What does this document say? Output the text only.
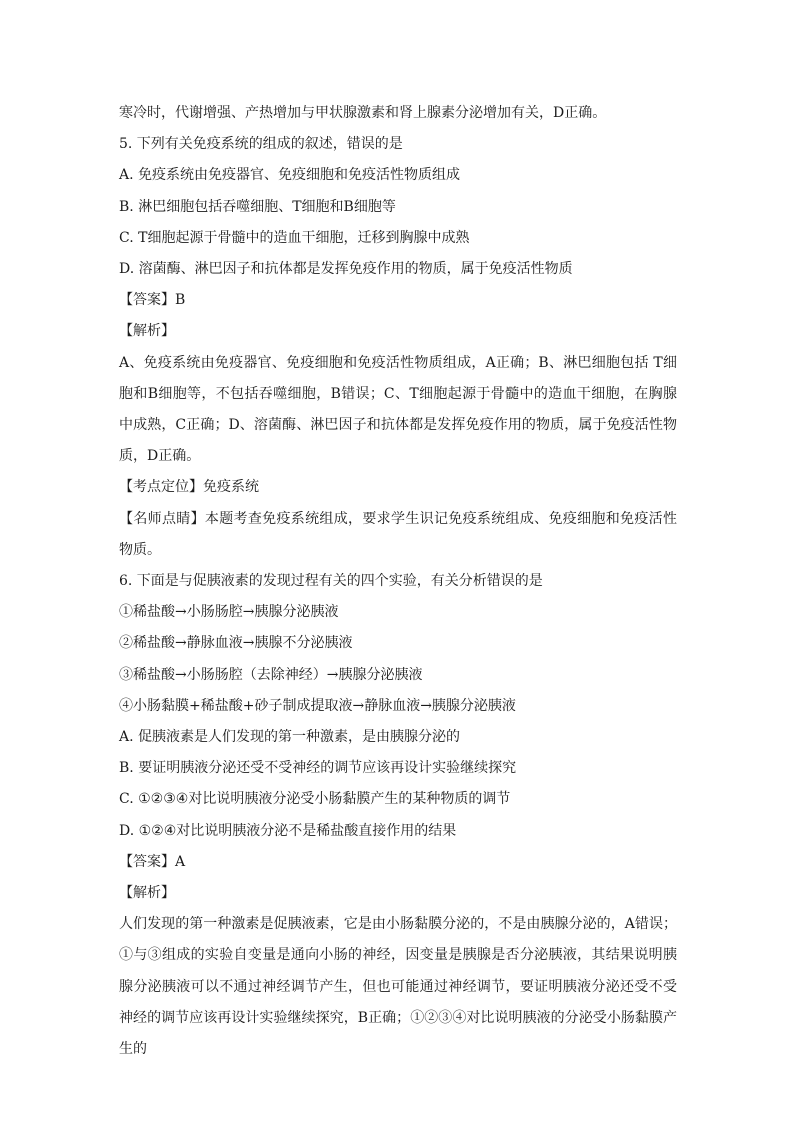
寒冷时，代谢增强、产热增加与甲状腺激素和肾上腺素分泌增加有关，D正确。
5. 下列有关免疫系统的组成的叙述，错误的是
A. 免疫系统由免疫器官、免疫细胞和免疫活性物质组成
B. 淋巴细胞包括吞噬细胞、T细胞和B细胞等
C. T细胞起源于骨髓中的造血干细胞，迁移到胸腺中成熟
D. 溶菌酶、淋巴因子和抗体都是发挥免疫作用的物质，属于免疫活性物质
【答案】B
【解析】
A、免疫系统由免疫器官、免疫细胞和免疫活性物质组成，A正确；B、淋巴细胞包括 T细胞和B细胞等，不包括吞噬细胞，B错误；C、T细胞起源于骨髓中的造血干细胞，在胸腺中成熟，C正确；D、溶菌酶、淋巴因子和抗体都是发挥免疫作用的物质，属于免疫活性物质，D正确。
【考点定位】免疫系统
【名师点睛】本题考查免疫系统组成，要求学生识记免疫系统组成、免疫细胞和免疫活性物质。
6. 下面是与促胰液素的发现过程有关的四个实验，有关分析错误的是
①稀盐酸→小肠肠腔→胰腺分泌胰液
②稀盐酸→静脉血液→胰腺不分泌胰液
③稀盐酸→小肠肠腔（去除神经）→胰腺分泌胰液
④小肠黏膜+稀盐酸+砂子制成提取液→静脉血液→胰腺分泌胰液
A. 促胰液素是人们发现的第一种激素，是由胰腺分泌的
B. 要证明胰液分泌还受不受神经的调节应该再设计实验继续探究
C. ①②③④对比说明胰液分泌受小肠黏膜产生的某种物质的调节
D. ①②④对比说明胰液分泌不是稀盐酸直接作用的结果
【答案】A
【解析】
人们发现的第一种激素是促胰液素，它是由小肠黏膜分泌的，不是由胰腺分泌的，A错误；①与③组成的实验自变量是通向小肠的神经，因变量是胰腺是否分泌胰液，其结果说明胰腺分泌胰液可以不通过神经调节产生，但也可能通过神经调节，要证明胰液分泌还受不受神经的调节应该再设计实验继续探究，B正确；①②③④对比说明胰液的分泌受小肠黏膜产生的
